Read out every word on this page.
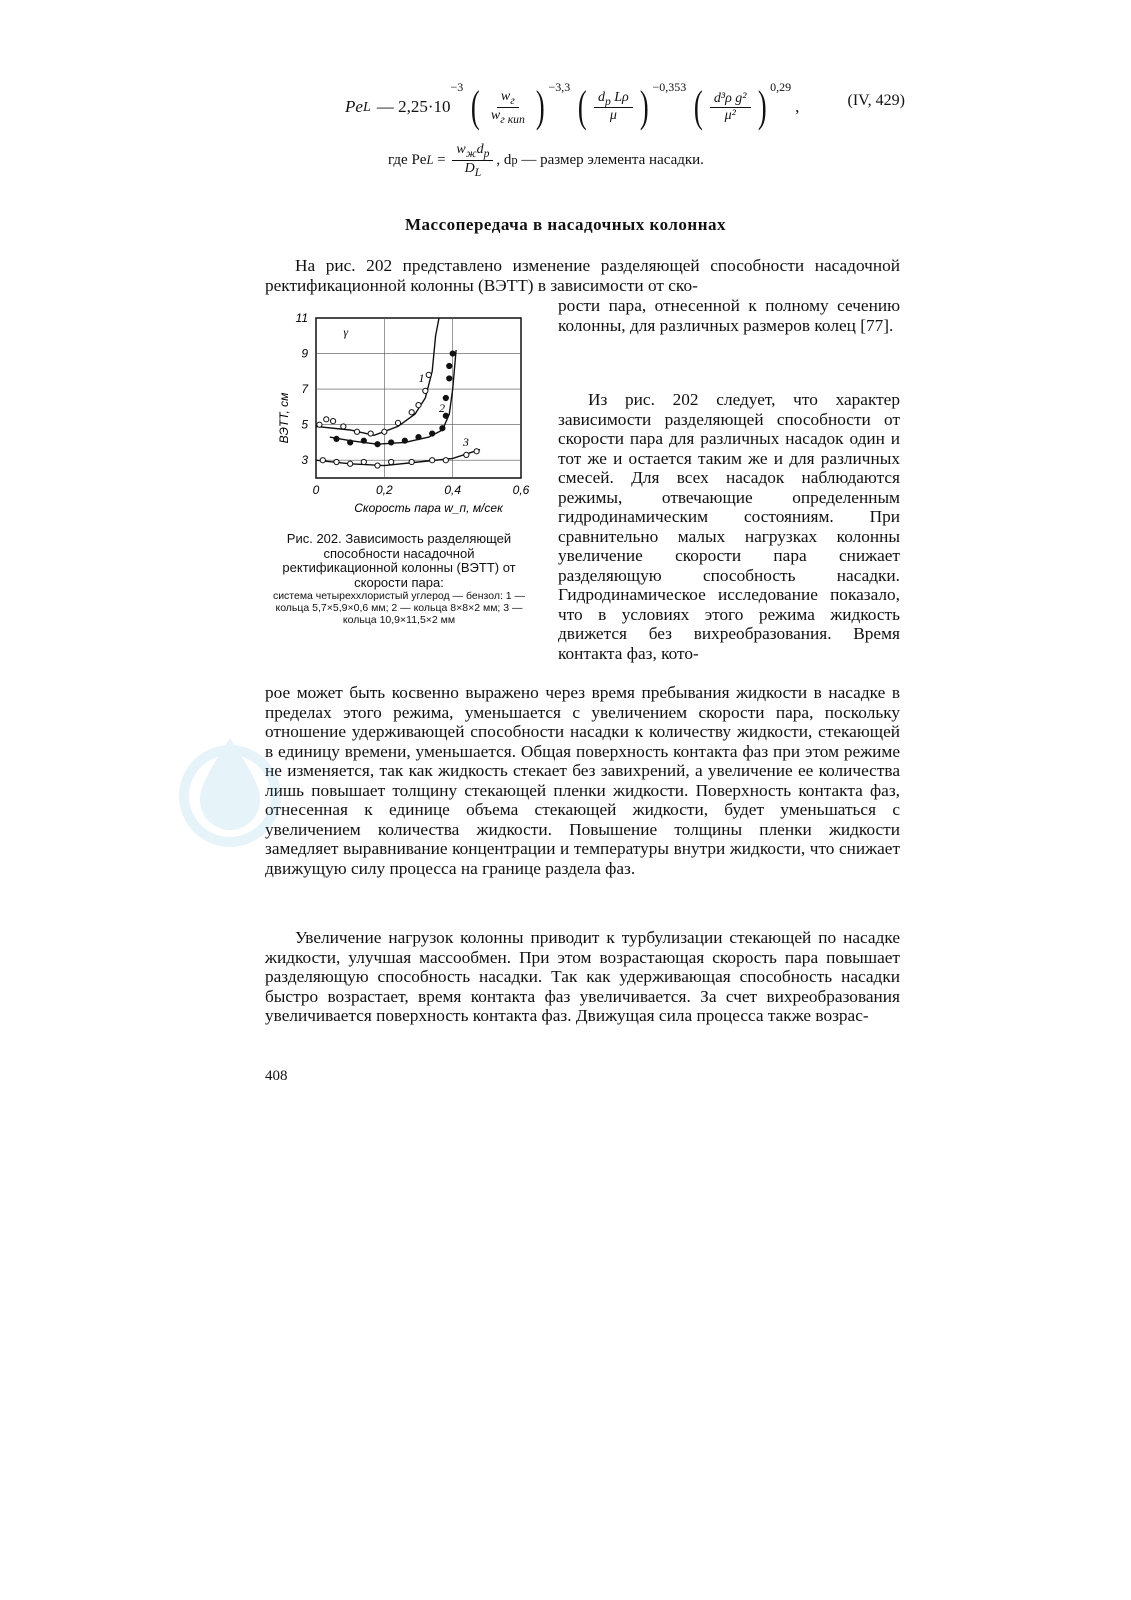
Pe L — 2,25·10
−3 ( $\frac{w_г}{w_{г кип}}$ ) −3,3 ( $\frac{d_p L\rho}{\mu}$ ) −0,353 ( $\frac{\text{d³ρ g²}}{\text{μ²}}$ ) 0,29
,	(IV, 429)
где Pe $L = \frac{w_жd_р}{D_L}$ , d р — размер элемента насадки.
Массопередача в насадочных колоннах

На рис. 202 представлено изменение разделяющей способности насадочной ректификационной колонны (ВЭТТ) в зависимости от ско-

рости пара, отнесенной к полному сечению колонны, для различных размеров колец [77].

Из рис. 202 следует, что характер зависимости разделяющей способности от скорости пара для различных насадок один и тот же и остается таким же и для различных смесей. Для всех насадок наблюдаются режимы, отвечающие определенным гидродинамическим состояниям. При сравнительно малых нагрузках колонны увеличение скорости пара снижает разделяющую способность насадки. Гидродинамическое исследование показало, что в условиях этого режима жидкость движется без вихреобразования. Время контакта фаз, кото-

0	0,2	0,4	0,6
3
5
7
9
11
Скорость пара w_п, м/сек
ВЭТТ, см
1
2
3
γ
Рис. 202. Зависимость разделяющей способности насадочной ректификационной колонны (ВЭТТ) от скорости пара:
система четыреххлористый углерод — бензол: 1 — кольца 5,7×5,9×0,6 мм; 2 — кольца 8×8×2 мм; 3 — кольца 10,9×11,5×2 мм

рое может быть косвенно выражено через время пребывания жидкости в насадке в пределах этого режима, уменьшается с увеличением скорости пара, поскольку отношение удерживающей способности насадки к количеству жидкости, стекающей в единицу времени, уменьшается. Общая поверхность контакта фаз при этом режиме не изменяется, так как жидкость стекает без завихрений, а увеличение ее количества лишь повышает толщину стекающей пленки жидкости. Поверхность контакта фаз, отнесенная к единице объема стекающей жидкости, будет уменьшаться с увеличением количества жидкости. Повышение толщины пленки жидкости замедляет выравнивание концентрации и температуры внутри жидкости, что снижает движущую силу процесса на границе раздела фаз.

Увеличение нагрузок колонны приводит к турбулизации стекающей по насадке жидкости, улучшая массообмен. При этом возрастающая скорость пара повышает разделяющую способность насадки. Так как удерживающая способность насадки быстро возрастает, время контакта фаз увеличивается. За счет вихреобразования увеличивается поверхность контакта фаз. Движущая сила процесса также возрас-

408
